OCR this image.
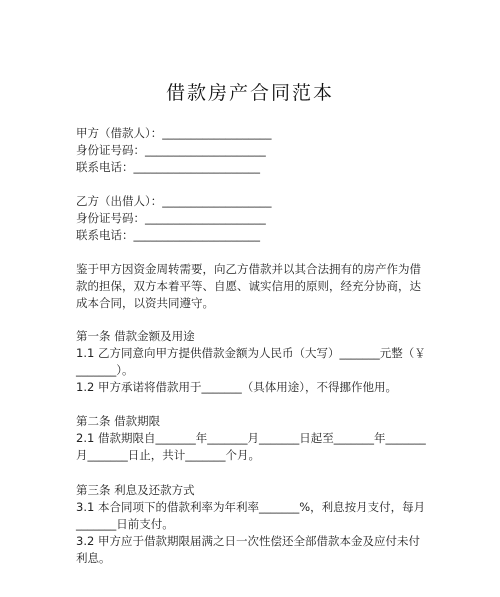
借款房产合同范本
甲方（借款人）：___________________
身份证号码：_____________________
联系电话：______________________
乙方（出借人）：___________________
身份证号码：_____________________
联系电话：______________________
鉴于甲方因资金周转需要，向乙方借款并以其合法拥有的房产作为借
款的担保，双方本着平等、自愿、诚实信用的原则，经充分协商，达
成本合同，以资共同遵守。
第一条 借款金额及用途
1.1 乙方同意向甲方提供借款金额为人民币（大写）_______元整（￥
_______）。
1.2 甲方承诺将借款用于_______（具体用途），不得挪作他用。
第二条 借款期限
2.1 借款期限自_______年_______月_______日起至_______年_______
月_______日止，共计_______个月。
第三条 利息及还款方式
3.1 本合同项下的借款利率为年利率_______%，利息按月支付，每月
_______日前支付。
3.2 甲方应于借款期限届满之日一次性偿还全部借款本金及应付未付
利息。
